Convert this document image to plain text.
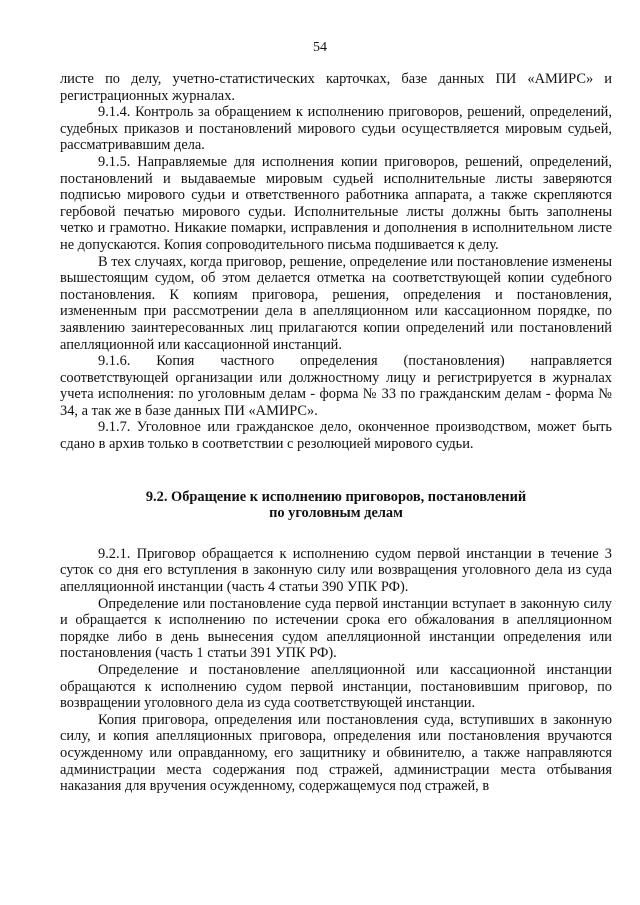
54

листе по делу, учетно-статистических карточках, базе данных ПИ «АМИРС» и регистрационных журналах.

9.1.4. Контроль за обращением к исполнению приговоров, решений, определений, судебных приказов и постановлений мирового судьи осуществляется мировым судьей, рассматривавшим дела.

9.1.5. Направляемые для исполнения копии приговоров, решений, определений, постановлений и выдаваемые мировым судьей исполнительные листы заверяются подписью мирового судьи и ответственного работника аппарата, а также скрепляются гербовой печатью мирового судьи. Исполнительные листы должны быть заполнены четко и грамотно. Никакие помарки, исправления и дополнения в исполнительном листе не допускаются. Копия сопроводительного письма подшивается к делу.

В тех случаях, когда приговор, решение, определение или постановление изменены вышестоящим судом, об этом делается отметка на соответствующей копии судебного постановления. К копиям приговора, решения, определения и постановления, измененным при рассмотрении дела в апелляционном или кассационном порядке, по заявлению заинтересованных лиц прилагаются копии определений или постановлений апелляционной или кассационной инстанций.

9.1.6. Копия частного определения (постановления) направляется соответствующей организации или должностному лицу и регистрируется в журналах учета исполнения: по уголовным делам - форма № 33 по гражданским делам - форма № 34, а так же в базе данных ПИ «АМИРС».

9.1.7. Уголовное или гражданское дело, оконченное производством, может быть сдано в архив только в соответствии с резолюцией мирового судьи.

9.2. Обращение к исполнению приговоров, постановлений
по уголовным делам

9.2.1. Приговор обращается к исполнению судом первой инстанции в течение 3 суток со дня его вступления в законную силу или возвращения уголовного дела из суда апелляционной инстанции (часть 4 статьи 390 УПК РФ).

Определение или постановление суда первой инстанции вступает в законную силу и обращается к исполнению по истечении срока его обжалования в апелляционном порядке либо в день вынесения судом апелляционной инстанции определения или постановления (часть 1 статьи 391 УПК РФ).

Определение и постановление апелляционной или кассационной инстанции обращаются к исполнению судом первой инстанции, постановившим приговор, по возвращении уголовного дела из суда соответствующей инстанции.

Копия приговора, определения или постановления суда, вступивших в законную силу, и копия апелляционных приговора, определения или постановления вручаются осужденному или оправданному, его защитнику и обвинителю, а также направляются администрации места содержания под стражей, администрации места отбывания наказания для вручения осужденному, содержащемуся под стражей, в
